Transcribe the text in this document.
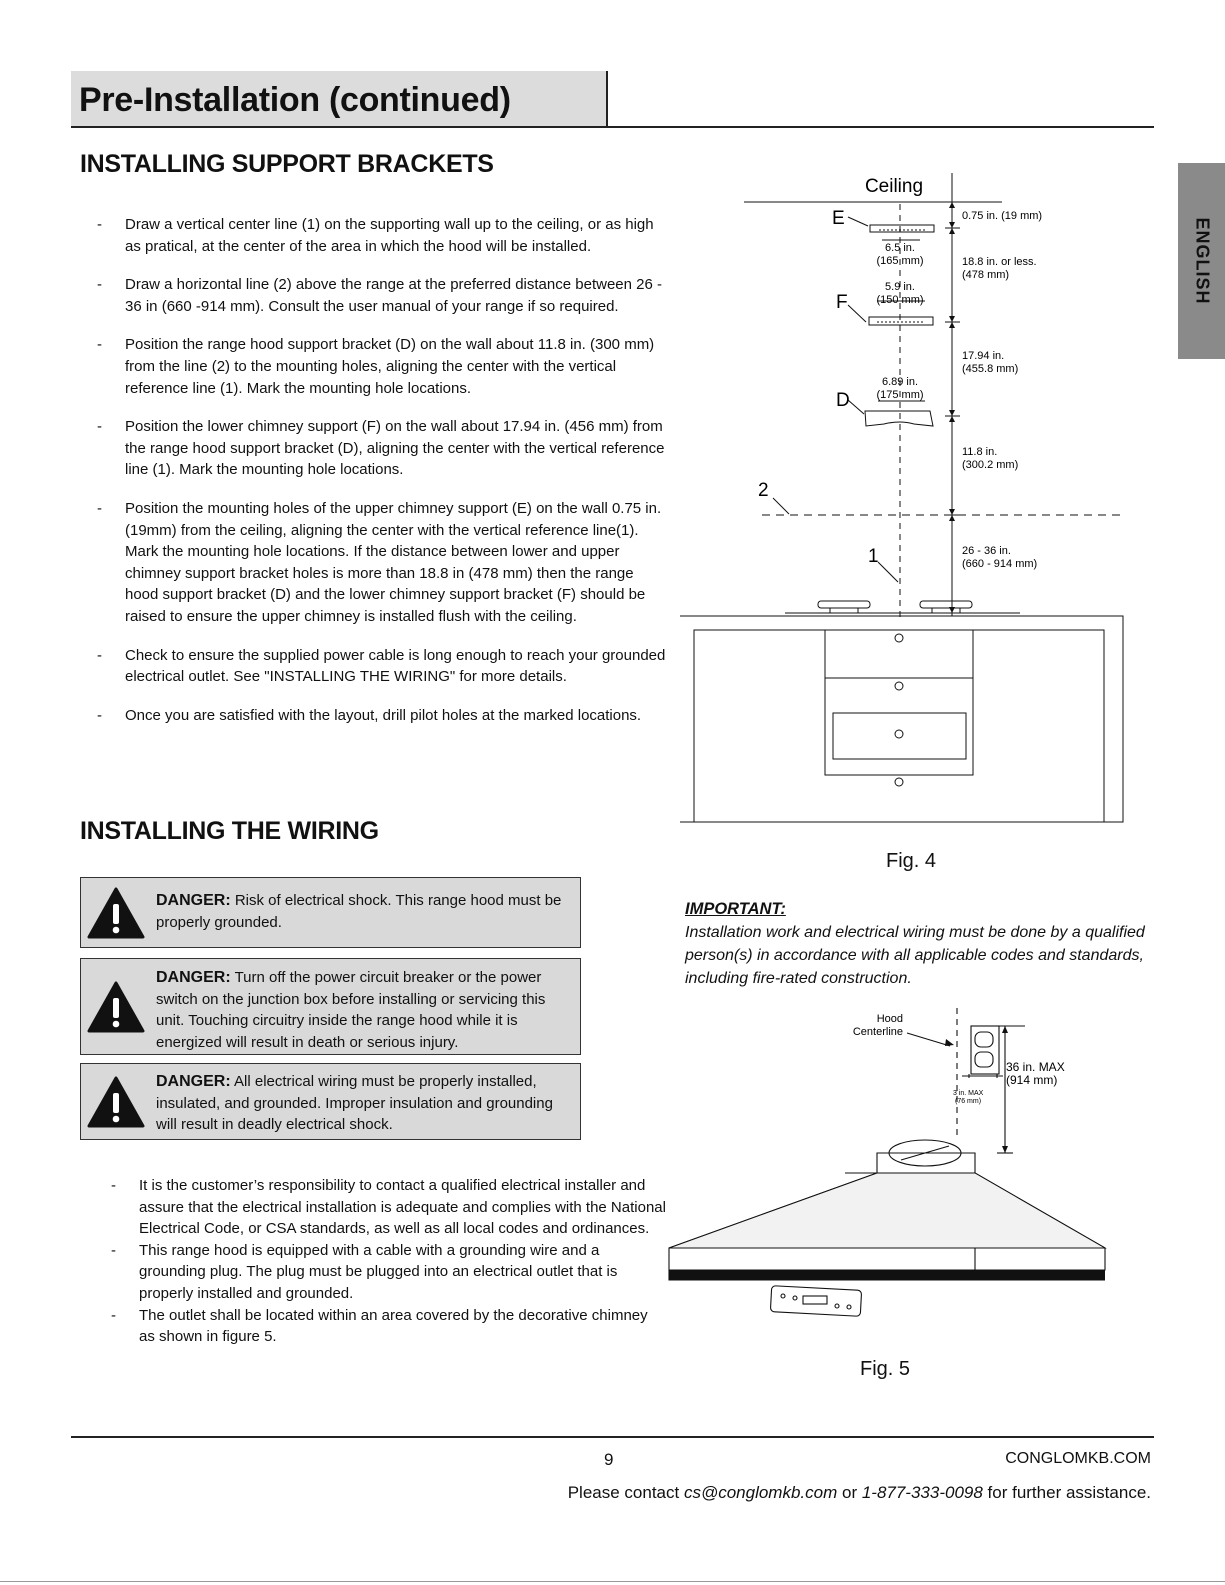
Pre-Installation (continued)
ENGLISH
INSTALLING SUPPORT BRACKETS
- Draw a vertical center line (1) on the supporting wall up to the ceiling, or as high as pratical, at the center of the area in which the hood will be installed.
- Draw a horizontal line (2) above the range at the preferred distance between 26 - 36 in (660 -914 mm). Consult the user manual of your range if so required.
- Position the range hood support bracket (D) on the wall about 11.8 in. (300 mm) from the line (2) to the mounting holes, aligning the center with the vertical reference line (1). Mark the mounting hole locations.
- Position the lower chimney support (F) on the wall about 17.94 in. (456 mm) from the range hood support bracket (D), aligning the center with the vertical reference line (1). Mark the mounting hole locations.
- Position the mounting holes of the upper chimney support (E) on the wall 0.75 in. (19mm) from the ceiling, aligning the center with the vertical reference line(1). Mark the mounting hole locations. If the distance between lower and upper chimney support bracket holes is more than 18.8 in (478 mm) then the range hood support bracket (D) and the lower chimney support bracket (F) should be raised to ensure the upper chimney is installed flush with the ceiling.
- Check to ensure the supplied power cable is long enough to reach your grounded electrical outlet. See "INSTALLING THE WIRING" for more details.
- Once you are satisfied with the layout, drill pilot holes at the marked locations.
INSTALLING THE WIRING
DANGER: Risk of electrical shock. This range hood must be properly grounded.
DANGER: Turn off the power circuit breaker or the power switch on the junction box before installing or servicing this unit. Touching circuitry inside the range hood while it is energized will result in death or serious injury.
DANGER: All electrical wiring must be properly installed, insulated, and grounded. Improper insulation and grounding will result in deadly electrical shock.
- It is the customer’s responsibility to contact a qualified electrical installer and assure that the electrical installation is adequate and complies with the National Electrical Code, or CSA standards, as well as all local codes and ordinances.
- This range hood is equipped with a cable with a grounding wire and a grounding plug. The plug must be plugged into an electrical outlet that is properly installed and grounded.
- The outlet shall be located within an area covered by the decorative chimney as shown in figure 5.
Ceiling
E
F
D
2
1
6.5 in.
(165 mm)
5.9 in.
(150 mm)
6.89 in.
(175 mm)
0.75 in. (19 mm)
18.8 in. or less.
(478 mm)
17.94 in.
(455.8 mm)
11.8 in.
(300.2 mm)
26 - 36 in.
(660 - 914 mm)
Fig. 4
IMPORTANT:
Installation work and electrical wiring must be done by a qualified person(s) in accordance with all applicable codes and standards, including fire-rated construction.
Hood
Centerline
36 in. MAX
(914 mm)
3 in. MAX
(76 mm)
Fig. 5
9	CONGLOMKB.COM
Please contact cs@conglomkb.com or 1-877-333-0098 for further assistance.
